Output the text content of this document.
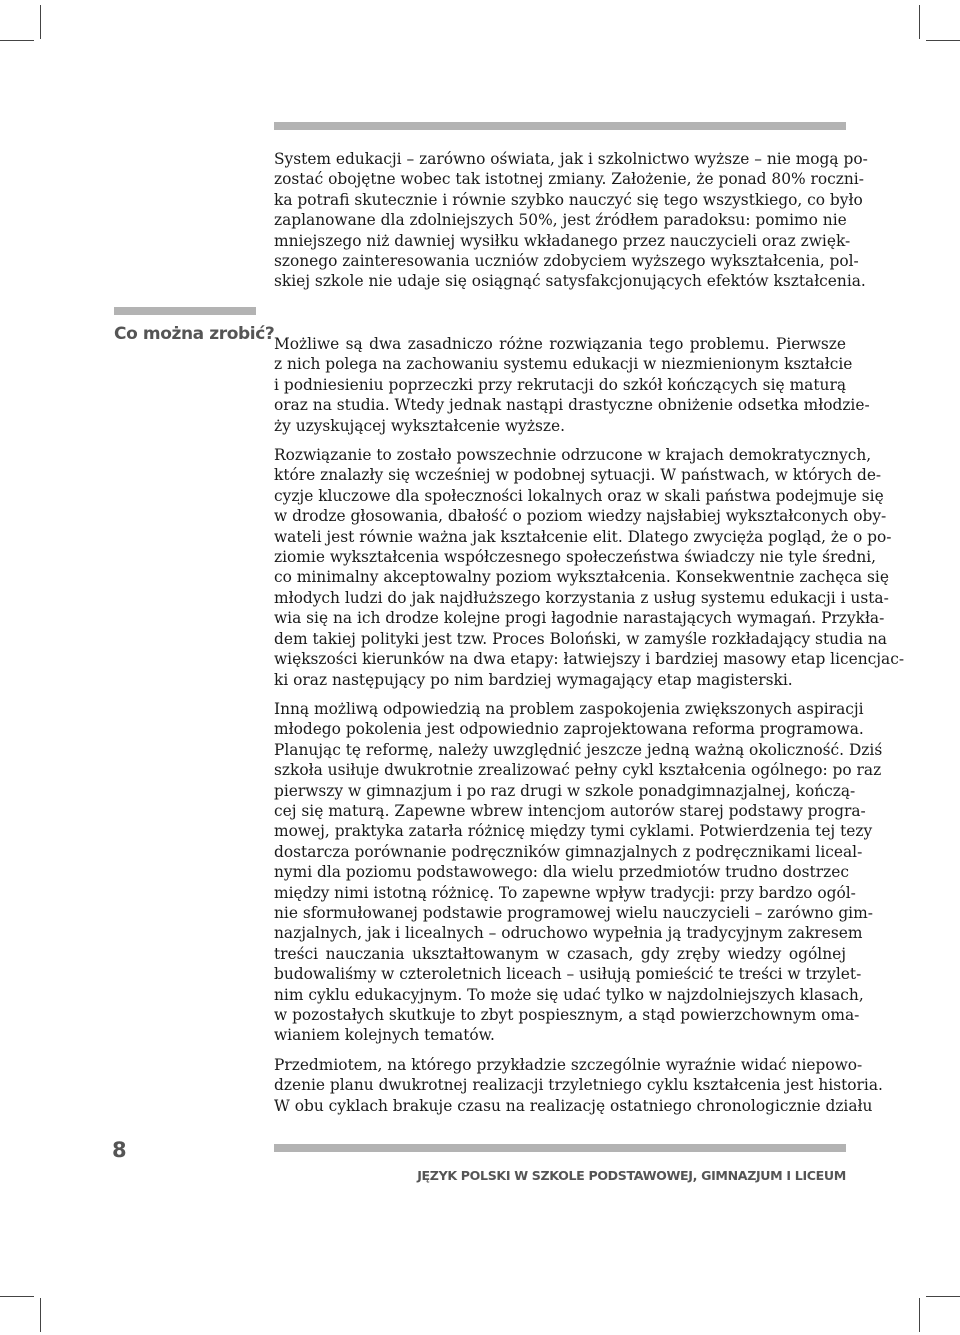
System edukacji – zarówno oświata, jak i szkolnictwo wyższe – nie mogą po-
zostać obojętne wobec tak istotnej zmiany. Założenie, że ponad 80% roczni-
ka potrafi skutecznie i równie szybko nauczyć się tego wszystkiego, co było
zaplanowane dla zdolniejszych 50%, jest źródłem paradoksu: pomimo nie
mniejszego niż dawniej wysiłku wkładanego przez nauczycieli oraz zwięk-
szonego zainteresowania uczniów zdobyciem wyższego wykształcenia, pol-
skiej szkole nie udaje się osiągnąć satysfakcjonujących efektów kształcenia.

Co można zrobić? Możliwe są dwa zasadniczo różne rozwiązania tego problemu. Pierwsze
z nich polega na zachowaniu systemu edukacji w niezmienionym kształcie
i podniesieniu poprzeczki przy rekrutacji do szkół kończących się maturą
oraz na studia. Wtedy jednak nastąpi drastyczne obniżenie odsetka młodzie-
ży uzyskującej wykształcenie wyższe.

Rozwiązanie to zostało powszechnie odrzucone w krajach demokratycznych,
które znalazły się wcześniej w podobnej sytuacji. W państwach, w których de-
cyzje kluczowe dla społeczności lokalnych oraz w skali państwa podejmuje się
w drodze głosowania, dbałość o poziom wiedzy najsłabiej wykształconych oby-
wateli jest równie ważna jak kształcenie elit. Dlatego zwycięża pogląd, że o po-
ziomie wykształcenia współczesnego społeczeństwa świadczy nie tyle średni,
co minimalny akceptowalny poziom wykształcenia. Konsekwentnie zachęca się
młodych ludzi do jak najdłuższego korzystania z usług systemu edukacji i usta-
wia się na ich drodze kolejne progi łagodnie narastających wymagań. Przykła-
dem takiej polityki jest tzw. Proces Boloński, w zamyśle rozkładający studia na
większości kierunków na dwa etapy: łatwiejszy i bardziej masowy etap licencjac-
ki oraz następujący po nim bardziej wymagający etap magisterski.

Inną możliwą odpowiedzią na problem zaspokojenia zwiększonych aspiracji
młodego pokolenia jest odpowiednio zaprojektowana reforma programowa.
Planując tę reformę, należy uwzględnić jeszcze jedną ważną okoliczność. Dziś
szkoła usiłuje dwukrotnie zrealizować pełny cykl kształcenia ogólnego: po raz
pierwszy w gimnazjum i po raz drugi w szkole ponadgimnazjalnej, kończą-
cej się maturą. Zapewne wbrew intencjom autorów starej podstawy progra-
mowej, praktyka zatarła różnicę między tymi cyklami. Potwierdzenia tej tezy
dostarcza porównanie podręczników gimnazjalnych z podręcznikami liceal-
nymi dla poziomu podstawowego: dla wielu przedmiotów trudno dostrzec
między nimi istotną różnicę. To zapewne wpływ tradycji: przy bardzo ogól-
nie sformułowanej podstawie programowej wielu nauczycieli – zarówno gim-
nazjalnych, jak i licealnych – odruchowo wypełnia ją tradycyjnym zakresem
treści nauczania ukształtowanym w czasach, gdy zręby wiedzy ogólnej
budowaliśmy w czteroletnich liceach – usiłują pomieścić te treści w trzylet-
nim cyklu edukacyjnym. To może się udać tylko w najzdolniejszych klasach,
w pozostałych skutkuje to zbyt pospiesznym, a stąd powierzchownym oma-
wianiem kolejnych tematów.

Przedmiotem, na którego przykładzie szczególnie wyraźnie widać niepowo-
dzenie planu dwukrotnej realizacji trzyletniego cyklu kształcenia jest historia.
W obu cyklach brakuje czasu na realizację ostatniego chronologicznie działu

8
JĘZYK POLSKI W SZKOLE PODSTAWOWEJ, GIMNAZJUM I LICEUM
